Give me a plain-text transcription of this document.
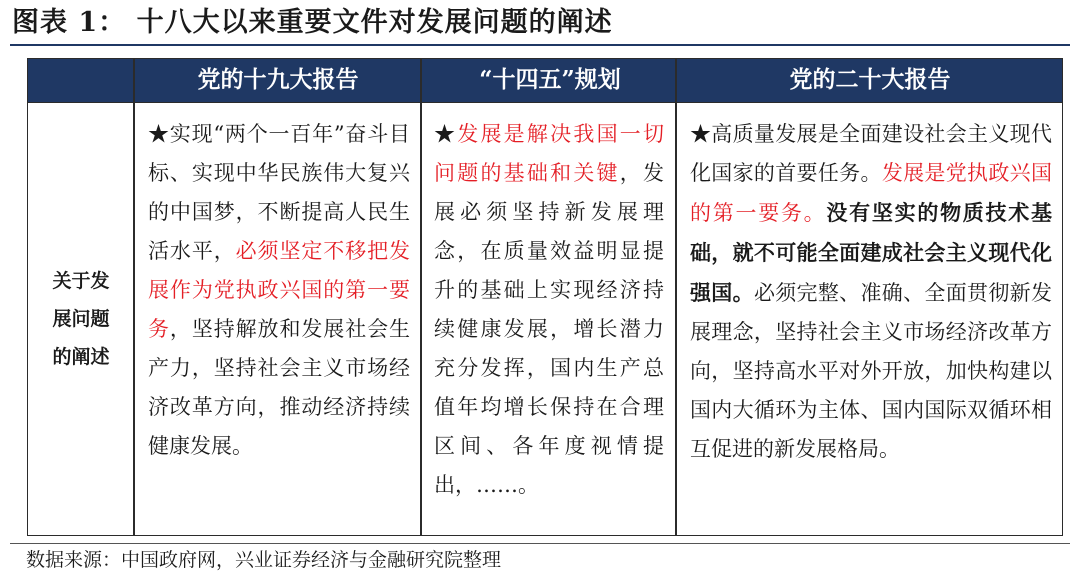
图表 1： 十八大以来重要文件对发展问题的阐述
党的十九大报告	“十四五”规划	党的二十大报告
关于发展问题的阐述
★实现“两个一百年”奋斗目标、实现中华民族伟大复兴的中国梦，不断提高人民生活水平，必须坚定不移把发展作为党执政兴国的第一要务，坚持解放和发展社会生产力，坚持社会主义市场经济改革方向，推动经济持续健康发展。
★发展是解决我国一切问题的基础和关键，发展必须坚持新发展理念，在质量效益明显提升的基础上实现经济持续健康发展，增长潜力充分发挥，国内生产总值年均增长保持在合理区间、各年度视情提出，……。
★高质量发展是全面建设社会主义现代化国家的首要任务。发展是党执政兴国的第一要务。没有坚实的物质技术基础，就不可能全面建成社会主义现代化强国。必须完整、准确、全面贯彻新发展理念，坚持社会主义市场经济改革方向，坚持高水平对外开放，加快构建以国内大循环为主体、国内国际双循环相互促进的新发展格局。
数据来源：中国政府网，兴业证券经济与金融研究院整理
